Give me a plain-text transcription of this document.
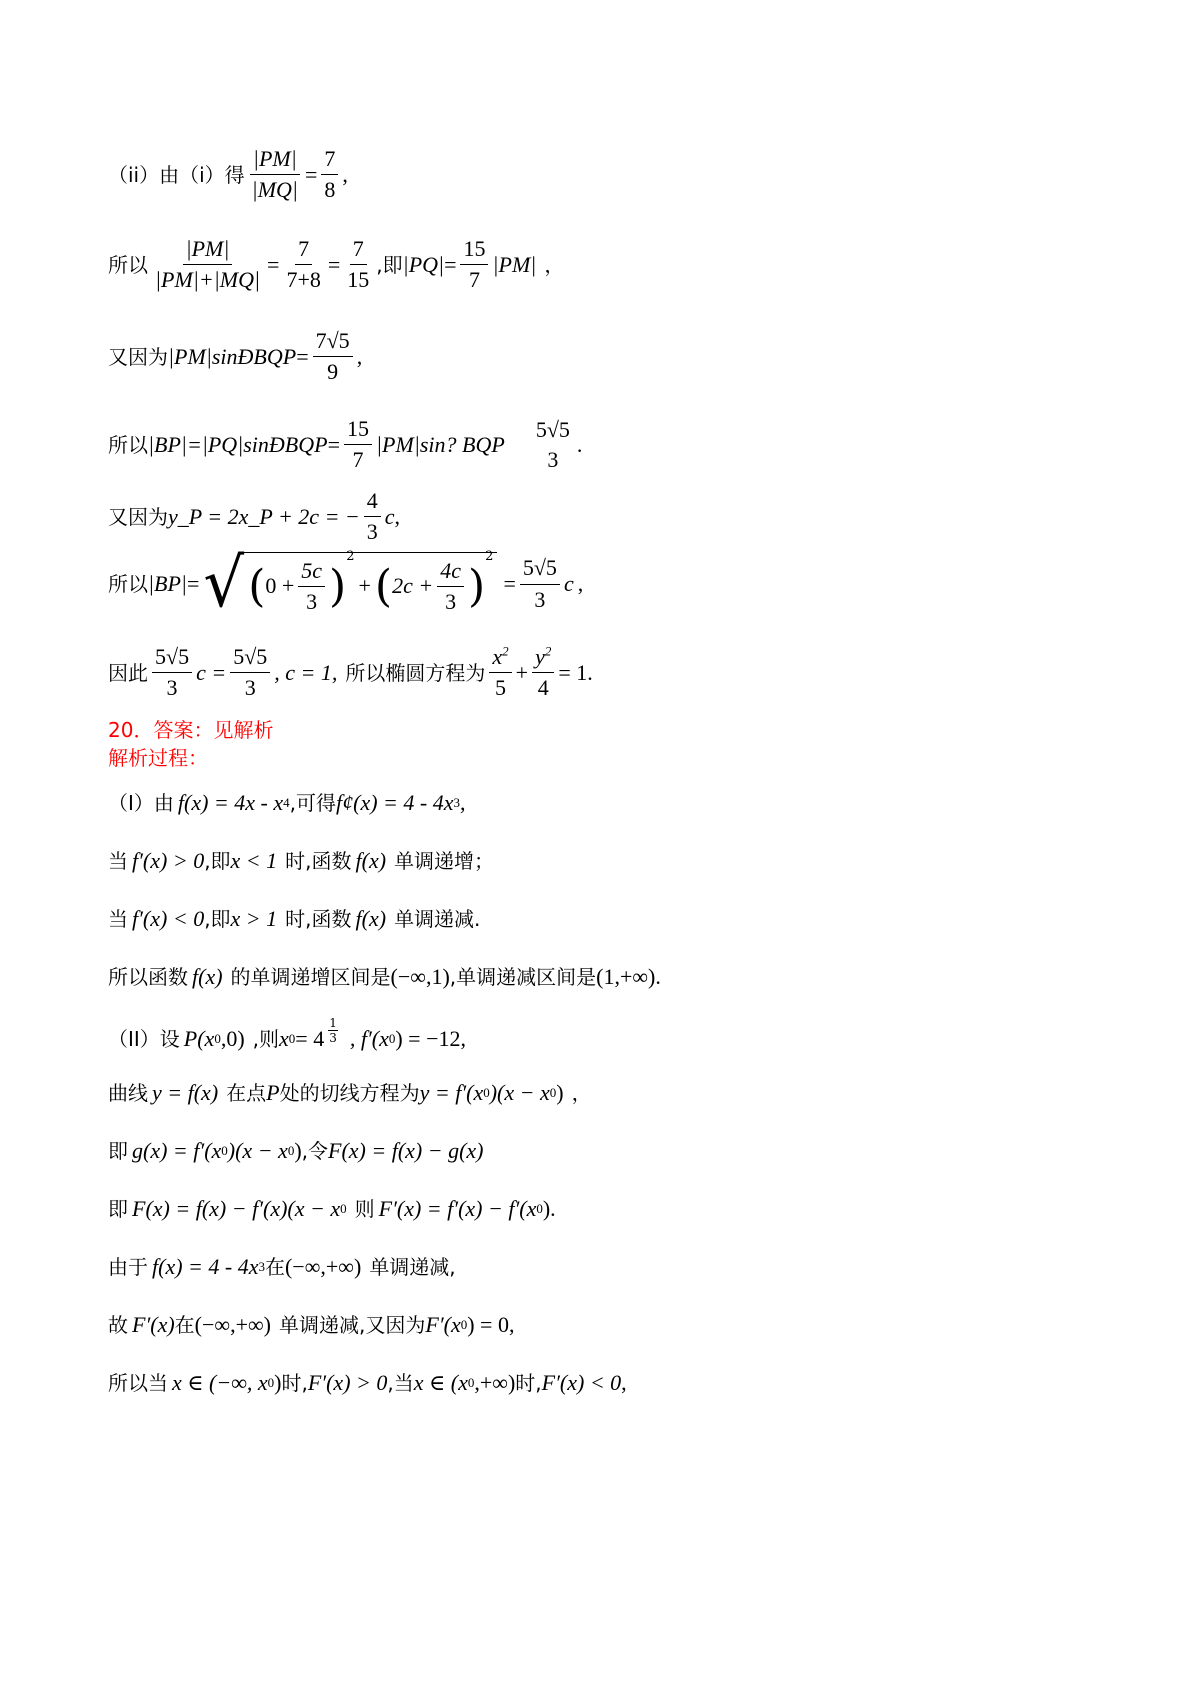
（ii）由（i）得 $\frac{|PM|}{|MQ|} = \frac{7}{8}$ ,
所以 $\frac{|PM|}{|PM|+|MQ|} = \frac{7}{7+8} = \frac{7}{15}$ ,即 $|PQ| = \frac{15}{7} |PM|$ ，
又因为 |PM|sinÐBQP = $\frac{7√5}{9}$ ,
所以 |BP|=|PQ|sinÐBQP = $\frac{15}{7} |PM|\sin$? BQP
5√5
3
.
又因为 y_P = 2x_P + 2c = − $\frac{4}{3}$ c ,
所以 |BP| = √ ( $0 + \frac{5c}{3}$ )
2
+ ( $2c + \frac{4c}{3}$ )
2
= $\frac{5√5}{3}$ c ,
因此 $\frac{5√5}{3}$ $c = \frac{5√5}{3}$ , c = 1, 所以椭圆方程为 $\frac{x^2}{5} + \frac{y^2}{4} = 1$.
20．答案：见解析
解析过程：
（I）由 f(x) = 4x - x 4 ,可得 f¢(x) = 4 - 4x 3 ,
当 f′(x) > 0 ,即 x < 1 时,函数 f(x) 单调递增；
当 f′(x) < 0 ,即 x > 1 时,函数 f(x) 单调递减.
所以函数 f(x) 的单调递增区间是 (−∞,1) ,单调递减区间是 (1,+∞) .
（II）设 P(x 0 ,0) ,则 x $0 = 4 \frac{1}{3}$ , f′(x 0 ) = −12,
曲线 y = f(x) 在点 P 处的切线方程为 y = f′(x 0 )(x − x 0 ) ，
即 g(x) = f′(x 0 )(x − x 0 ) ,令 F(x) = f(x) − g(x)
即 F(x) = f(x) − f′(x)(x − x 0 则 F′(x) = f′(x) − f′(x 0 ).
由于 f(x) = 4 - 4x 3 在 (−∞,+∞) 单调递减,
故 F′(x) 在 (−∞,+∞) 单调递减,又因为 F′(x 0 ) = 0,
所以当 x ∈ (−∞, x 0 ) 时, F′(x) > 0 ,当 x ∈ (x 0 ,+∞) 时, F′(x) < 0 ,
